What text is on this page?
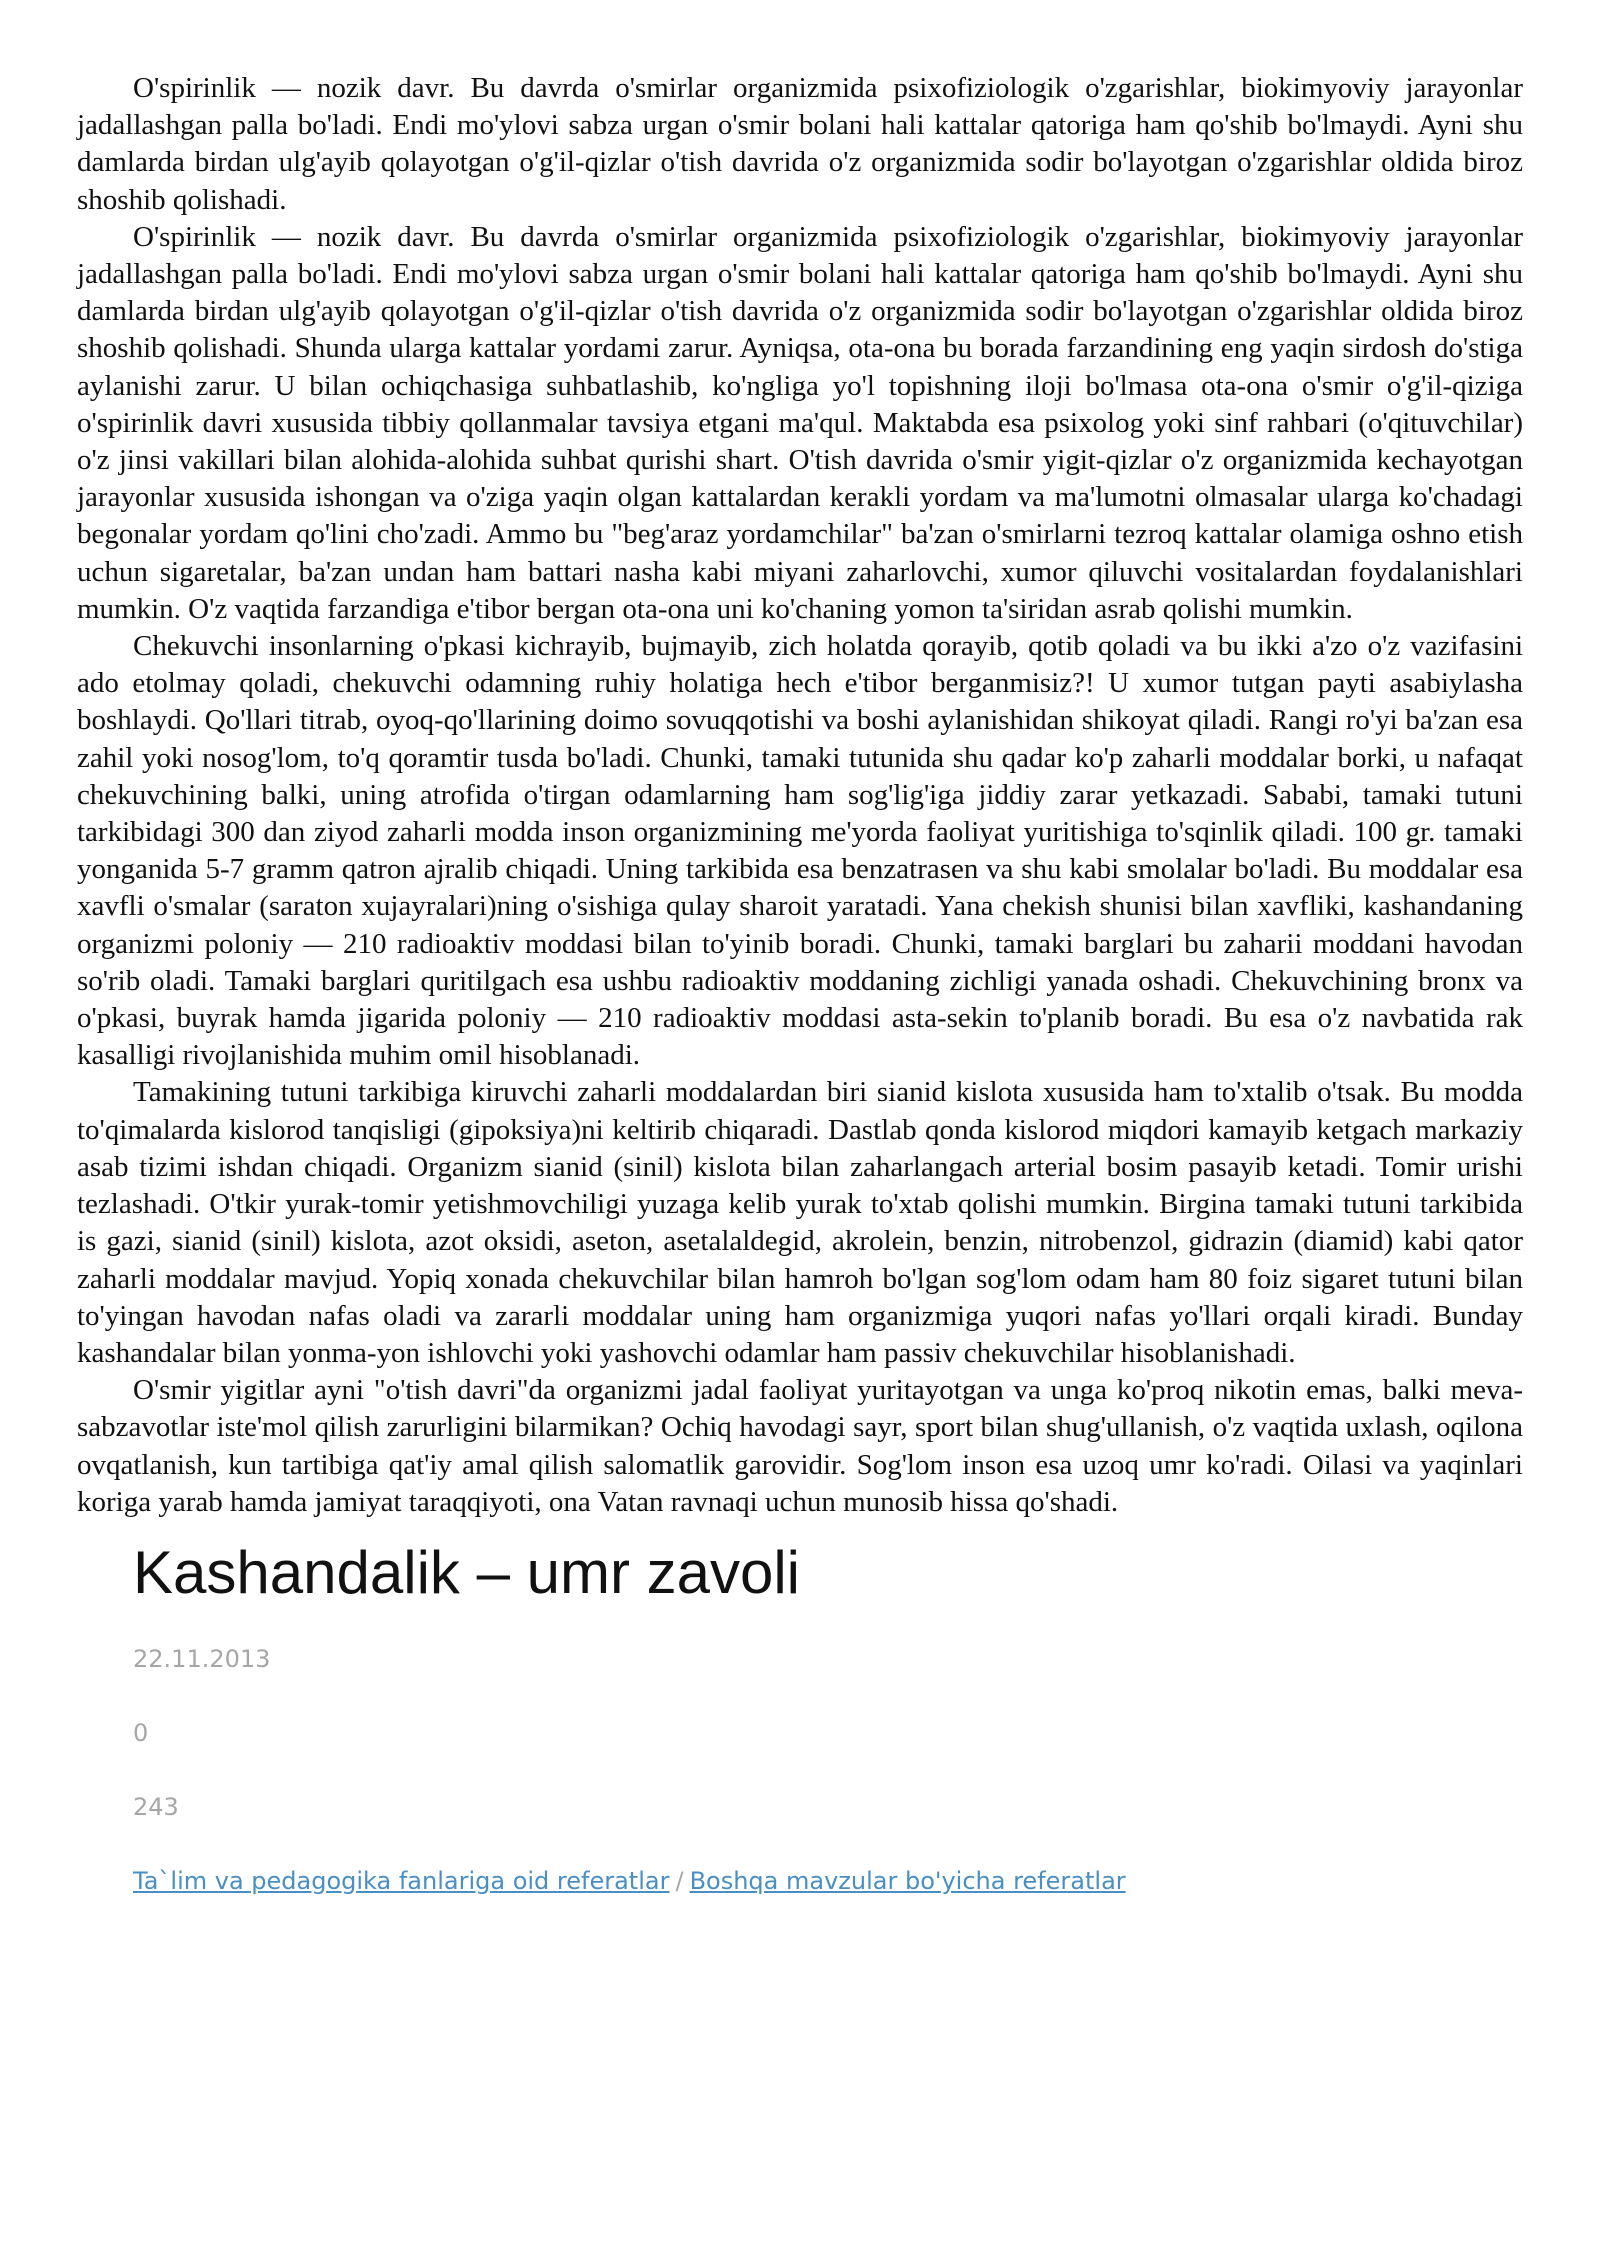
O'spirinlik — nozik davr. Bu davrda o'smirlar organizmida psixofiziologik o'zgarishlar, biokimyoviy jarayonlar jadallashgan palla bo'ladi. Endi mo'ylovi sabza urgan o'smir bolani hali kattalar qatoriga ham qo'shib bo'lmaydi. Ayni shu damlarda birdan ulg'ayib qolayotgan o'g'il-qizlar o'tish davrida o'z organizmida sodir bo'layotgan o'zgarishlar oldida biroz shoshib qolishadi.

O'spirinlik — nozik davr. Bu davrda o'smirlar organizmida psixofiziologik o'zgarishlar, biokimyoviy jarayonlar jadallashgan palla bo'ladi. Endi mo'ylovi sabza urgan o'smir bolani hali kattalar qatoriga ham qo'shib bo'lmaydi. Ayni shu damlarda birdan ulg'ayib qolayotgan o'g'il-qizlar o'tish davrida o'z organizmida sodir bo'layotgan o'zgarishlar oldida biroz shoshib qolishadi. Shunda ularga kattalar yordami zarur. Ayniqsa, ota-ona bu borada farzandining eng yaqin sirdosh do'stiga aylanishi zarur. U bilan ochiqchasiga suhbatlashib, ko'ngliga yo'l topishning iloji bo'lmasa ota-ona o'smir o'g'il-qiziga o'spirinlik davri xususida tibbiy qollanmalar tavsiya etgani ma'qul. Maktabda esa psixolog yoki sinf rahbari (o'qituvchilar) o'z jinsi vakillari bilan alohida-alohida suhbat qurishi shart. O'tish davrida o'smir yigit-qizlar o'z organizmida kechayotgan jarayonlar xususida ishongan va o'ziga yaqin olgan kattalardan kerakli yordam va ma'lumotni olmasalar ularga ko'chadagi begonalar yordam qo'lini cho'zadi. Ammo bu "beg'araz yordamchilar" ba'zan o'smirlarni tezroq kattalar olamiga oshno etish uchun sigaretalar, ba'zan undan ham battari nasha kabi miyani zaharlovchi, xumor qiluvchi vositalardan foydalanishlari mumkin. O'z vaqtida farzandiga e'tibor bergan ota-ona uni ko'chaning yomon ta'siridan asrab qolishi mumkin.

Chekuvchi insonlarning o'pkasi kichrayib, bujmayib, zich holatda qorayib, qotib qoladi va bu ikki a'zo o'z vazifasini ado etolmay qoladi, chekuvchi odamning ruhiy holatiga hech e'tibor berganmisiz?! U xumor tutgan payti asabiylasha boshlaydi. Qo'llari titrab, oyoq-qo'llarining doimo sovuqqotishi va boshi aylanishidan shikoyat qiladi. Rangi ro'yi ba'zan esa zahil yoki nosog'lom, to'q qoramtir tusda bo'ladi. Chunki, tamaki tutunida shu qadar ko'p zaharli moddalar borki, u nafaqat chekuvchining balki, uning atrofida o'tirgan odamlarning ham sog'lig'iga jiddiy zarar yetkazadi. Sababi, tamaki tutuni tarkibidagi 300 dan ziyod zaharli modda inson organizmining me'yorda faoliyat yuritishiga to'sqinlik qiladi. 100 gr. tamaki yonganida 5-7 gramm qatron ajralib chiqadi. Uning tarkibida esa benzatrasen va shu kabi smolalar bo'ladi. Bu moddalar esa xavfli o'smalar (saraton xujayralari)ning o'sishiga qulay sharoit yaratadi. Yana chekish shunisi bilan xavfliki, kashandaning organizmi poloniy — 210 radioaktiv moddasi bilan to'yinib boradi. Chunki, tamaki barglari bu zaharii moddani havodan so'rib oladi. Tamaki barglari quritilgach esa ushbu radioaktiv moddaning zichligi yanada oshadi. Chekuvchining bronx va o'pkasi, buyrak hamda jigarida poloniy — 210 radioaktiv moddasi asta-sekin to'planib boradi. Bu esa o'z navbatida rak kasalligi rivojlanishida muhim omil hisoblanadi.

Tamakining tutuni tarkibiga kiruvchi zaharli moddalardan biri sianid kislota xususida ham to'xtalib o'tsak. Bu modda to'qimalarda kislorod tanqisligi (gipoksiya)ni keltirib chiqaradi. Dastlab qonda kislorod miqdori kamayib ketgach markaziy asab tizimi ishdan chiqadi. Organizm sianid (sinil) kislota bilan zaharlangach arterial bosim pasayib ketadi. Tomir urishi tezlashadi. O'tkir yurak-tomir yetishmovchiligi yuzaga kelib yurak to'xtab qolishi mumkin. Birgina tamaki tutuni tarkibida is gazi, sianid (sinil) kislota, azot oksidi, aseton, asetalaldegid, akrolein, benzin, nitrobenzol, gidrazin (diamid) kabi qator zaharli moddalar mavjud. Yopiq xonada chekuvchilar bilan hamroh bo'lgan sog'lom odam ham 80 foiz sigaret tutuni bilan to'yingan havodan nafas oladi va zararli moddalar uning ham organizmiga yuqori nafas yo'llari orqali kiradi. Bunday kashandalar bilan yonma-yon ishlovchi yoki yashovchi odamlar ham passiv chekuvchilar hisoblanishadi.

O'smir yigitlar ayni "o'tish davri"da organizmi jadal faoliyat yuritayotgan va unga ko'proq nikotin emas, balki meva-sabzavotlar iste'mol qilish zarurligini bilarmikan? Ochiq havodagi sayr, sport bilan shug'ullanish, o'z vaqtida uxlash, oqilona ovqatlanish, kun tartibiga qat'iy amal qilish salomatlik garovidir. Sog'lom inson esa uzoq umr ko'radi. Oilasi va yaqinlari koriga yarab hamda jamiyat taraqqiyoti, ona Vatan ravnaqi uchun munosib hissa qo'shadi.

Kashandalik – umr zavoli
22.11.2013
0
243
Ta`lim va pedagogika fanlariga oid referatlar / Boshqa mavzular bo'yicha referatlar
